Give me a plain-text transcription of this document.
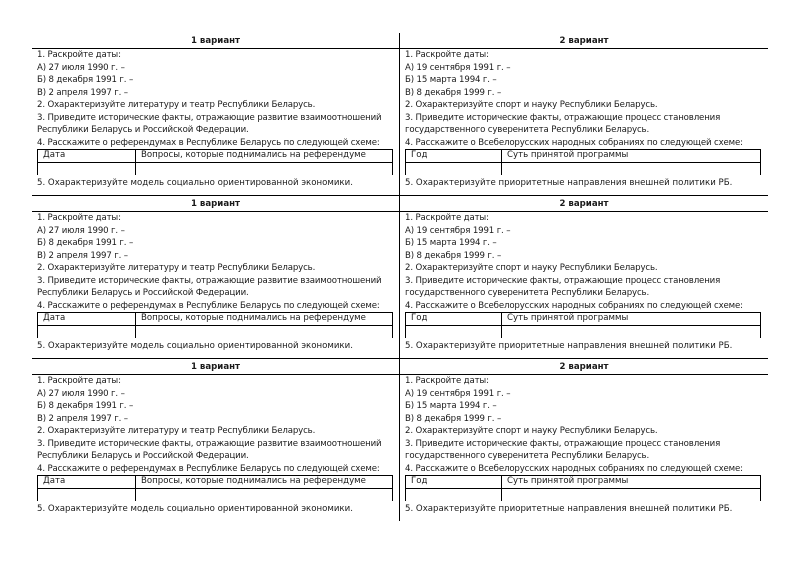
1 вариант
1. Раскройте даты:
А) 27 июля 1990 г. –
Б) 8 декабря 1991 г. –
В) 2 апреля 1997 г. –
2. Охарактеризуйте литературу и театр Республики Беларусь.
3. Приведите исторические факты, отражающие развитие взаимоотношений
Республики Беларусь и Российской Федерации.
4. Расскажите о референдумах в Республике Беларусь по следующей схеме:
Дата	Вопросы, которые поднимались на референдуме

5. Охарактеризуйте модель социально ориентированной экономики.
2 вариант
1. Раскройте даты:
А) 19 сентября 1991 г. –
Б) 15 марта 1994 г. –
В) 8 декабря 1999 г. –
2. Охарактеризуйте спорт и науку Республики Беларусь.
3. Приведите исторические факты, отражающие процесс становления
государственного суверенитета Республики Беларусь.
4. Расскажите о Всебелорусских народных собраниях по следующей схеме:
Год	Суть принятой программы

5. Охарактеризуйте приоритетные направления внешней политики РБ.
1 вариант
1. Раскройте даты:
А) 27 июля 1990 г. –
Б) 8 декабря 1991 г. –
В) 2 апреля 1997 г. –
2. Охарактеризуйте литературу и театр Республики Беларусь.
3. Приведите исторические факты, отражающие развитие взаимоотношений
Республики Беларусь и Российской Федерации.
4. Расскажите о референдумах в Республике Беларусь по следующей схеме:
Дата	Вопросы, которые поднимались на референдуме

5. Охарактеризуйте модель социально ориентированной экономики.
2 вариант
1. Раскройте даты:
А) 19 сентября 1991 г. –
Б) 15 марта 1994 г. –
В) 8 декабря 1999 г. –
2. Охарактеризуйте спорт и науку Республики Беларусь.
3. Приведите исторические факты, отражающие процесс становления
государственного суверенитета Республики Беларусь.
4. Расскажите о Всебелорусских народных собраниях по следующей схеме:
Год	Суть принятой программы

5. Охарактеризуйте приоритетные направления внешней политики РБ.
1 вариант
1. Раскройте даты:
А) 27 июля 1990 г. –
Б) 8 декабря 1991 г. –
В) 2 апреля 1997 г. –
2. Охарактеризуйте литературу и театр Республики Беларусь.
3. Приведите исторические факты, отражающие развитие взаимоотношений
Республики Беларусь и Российской Федерации.
4. Расскажите о референдумах в Республике Беларусь по следующей схеме:
Дата	Вопросы, которые поднимались на референдуме

5. Охарактеризуйте модель социально ориентированной экономики.
2 вариант
1. Раскройте даты:
А) 19 сентября 1991 г. –
Б) 15 марта 1994 г. –
В) 8 декабря 1999 г. –
2. Охарактеризуйте спорт и науку Республики Беларусь.
3. Приведите исторические факты, отражающие процесс становления
государственного суверенитета Республики Беларусь.
4. Расскажите о Всебелорусских народных собраниях по следующей схеме:
Год	Суть принятой программы

5. Охарактеризуйте приоритетные направления внешней политики РБ.
